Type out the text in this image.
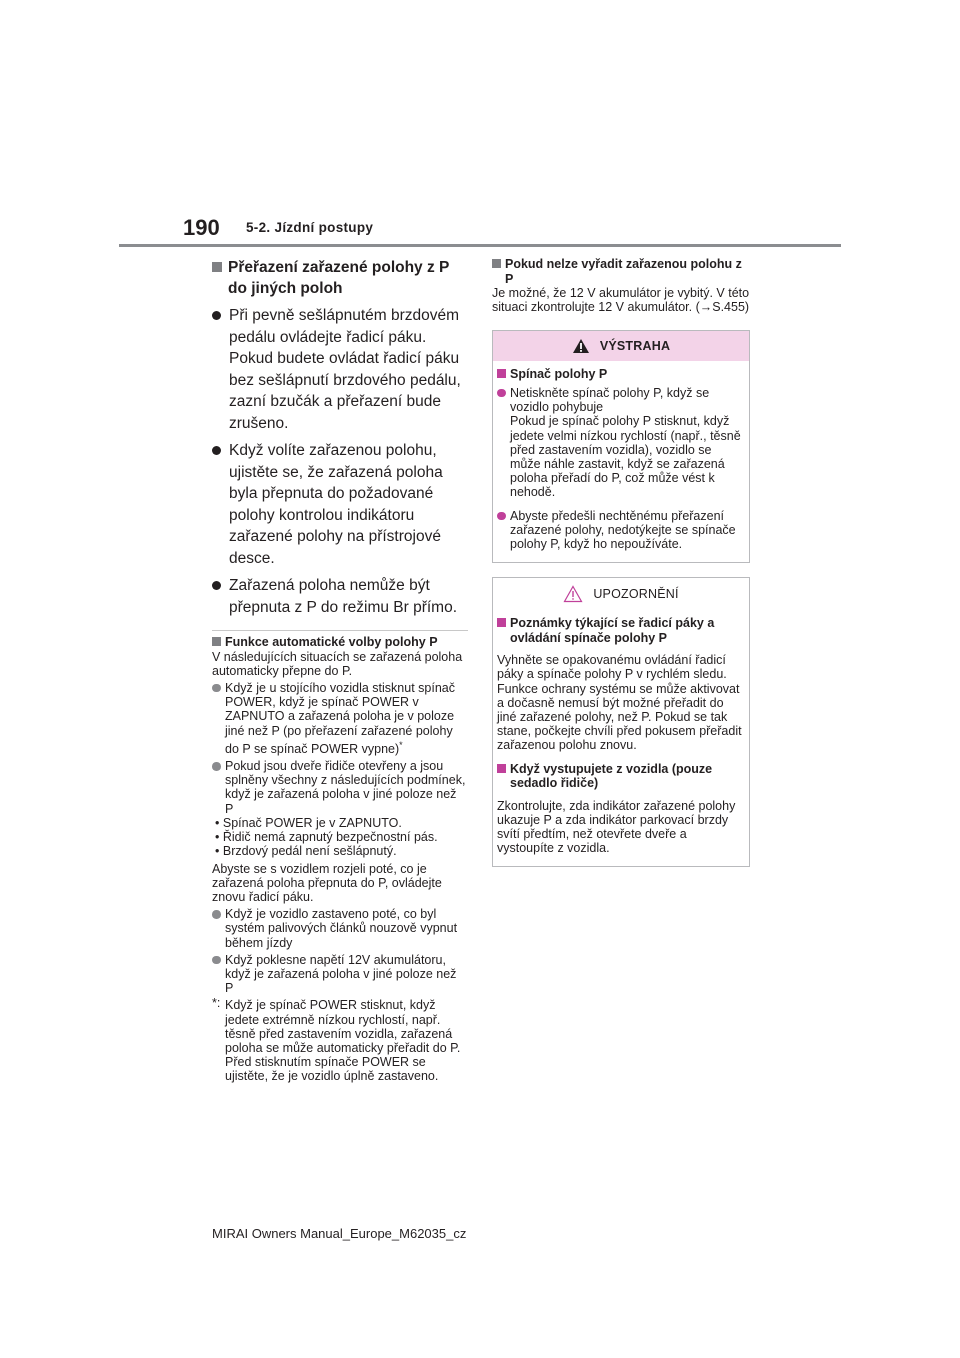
190 5-2. Jízdní postupy

Přeřazení zařazené polohy z P do jiných poloh

Při pevně sešlápnutém brzdovém pedálu ovládejte řadicí páku. Pokud budete ovládat řadicí páku bez sešlápnutí brzdového pedálu, zazní bzučák a přeřazení bude zrušeno.
Když volíte zařazenou polohu, ujistěte se, že zařazená poloha byla přepnuta do požadované polohy kontrolou indikátoru zařazené polohy na přístrojové desce.
Zařazená poloha nemůže být přepnuta z P do režimu Br přímo.

Funkce automatické volby polohy P

V následujících situacích se zařazená poloha automaticky přepne do P.

Když je u stojícího vozidla stisknut spínač POWER, když je spínač POWER v ZAPNUTO a zařazená poloha je v poloze jiné než P (po přeřazení zařazené polohy do P se spínač POWER vypne)*
Pokud jsou dveře řidiče otevřeny a jsou splněny všechny z následujících podmínek, když je zařazená poloha v jiné poloze než P
• Spínač POWER je v ZAPNUTO.
• Řidič nemá zapnutý bezpečnostní pás.
• Brzdový pedál není sešlápnutý.

Abyste se s vozidlem rozjeli poté, co je zařazená poloha přepnuta do P, ovládejte znovu řadicí páku.

Když je vozidlo zastaveno poté, co byl systém palivových článků nouzově vypnut během jízdy
Když poklesne napětí 12V akumulátoru, když je zařazená poloha v jiné poloze než P
*: Když je spínač POWER stisknut, když jedete extrémně nízkou rychlostí, např. těsně před zastavením vozidla, zařazená poloha se může automaticky přeřadit do P. Před stisknutím spínače POWER se ujistěte, že je vozidlo úplně zastaveno.

Pokud nelze vyřadit zařazenou polohu z P

Je možné, že 12 V akumulátor je vybitý. V této situaci zkontrolujte 12 V akumulátor. (→S.455)

VÝSTRAHA

Spínač polohy P

Netiskněte spínač polohy P, když se vozidlo pohybuje

Pokud je spínač polohy P stisknut, když jedete velmi nízkou rychlostí (např., těsně před zastavením vozidla), vozidlo se může náhle zastavit, když se zařazená poloha přeřadí do P, což může vést k nehodě.

Abyste předešli nechtěnému přeřazení zařazené polohy, nedotýkejte se spínače polohy P, když ho nepoužíváte.
UPOZORNĚNÍ

Poznámky týkající se řadicí páky a ovládání spínače polohy P

Vyhněte se opakovanému ovládání řadicí páky a spínače polohy P v rychlém sledu.

Funkce ochrany systému se může aktivovat a dočasně nemusí být možné přeřadit do jiné zařazené polohy, než P. Pokud se tak stane, počkejte chvíli před pokusem přeřadit zařazenou polohu znovu.

Když vystupujete z vozidla (pouze sedadlo řidiče)

Zkontrolujte, zda indikátor zařazené polohy ukazuje P a zda indikátor parkovací brzdy svítí předtím, než otevřete dveře a vystoupíte z vozidla.

MIRAI Owners Manual_Europe_M62035_cz
